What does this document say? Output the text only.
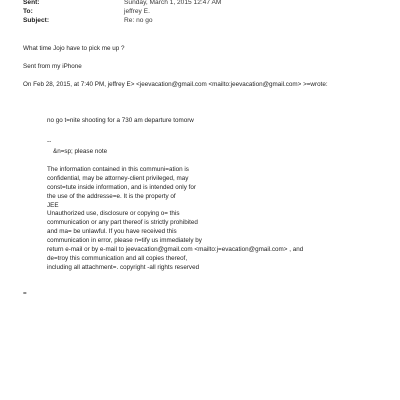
Sent:	Sunday, March 1, 2015 12:47 AM
To:	jeffrey E.
Subject:	Re: no go
What time Jojo have to pick me up ?
Sent from my iPhone
On Feb 28, 2015, at 7:40 PM, jeffrey E> <jeevacation@gmail.com <mailto:jeevacation@gmail.com> >=wrote:
no go t=nite shooting for a 730 am departure tomorw
--
&n=sp; please note
The information contained in this communi=ation is
confidential, may be attorney-client privileged, may
const=tute inside information, and is intended only for
the use of the addresse=e. It is the property of
JEE
Unauthorized use, disclosure or copying o= this
communication or any part thereof is strictly prohibited
and ma= be unlawful. If you have received this
communication in error, please n=tify us immediately by
return e-mail or by e-mail to jeevacation@gmail.com <mailto:j=evacation@gmail.com> , and
de=troy this communication and all copies thereof,
including all attachment=. copyright -all rights reserved
=
